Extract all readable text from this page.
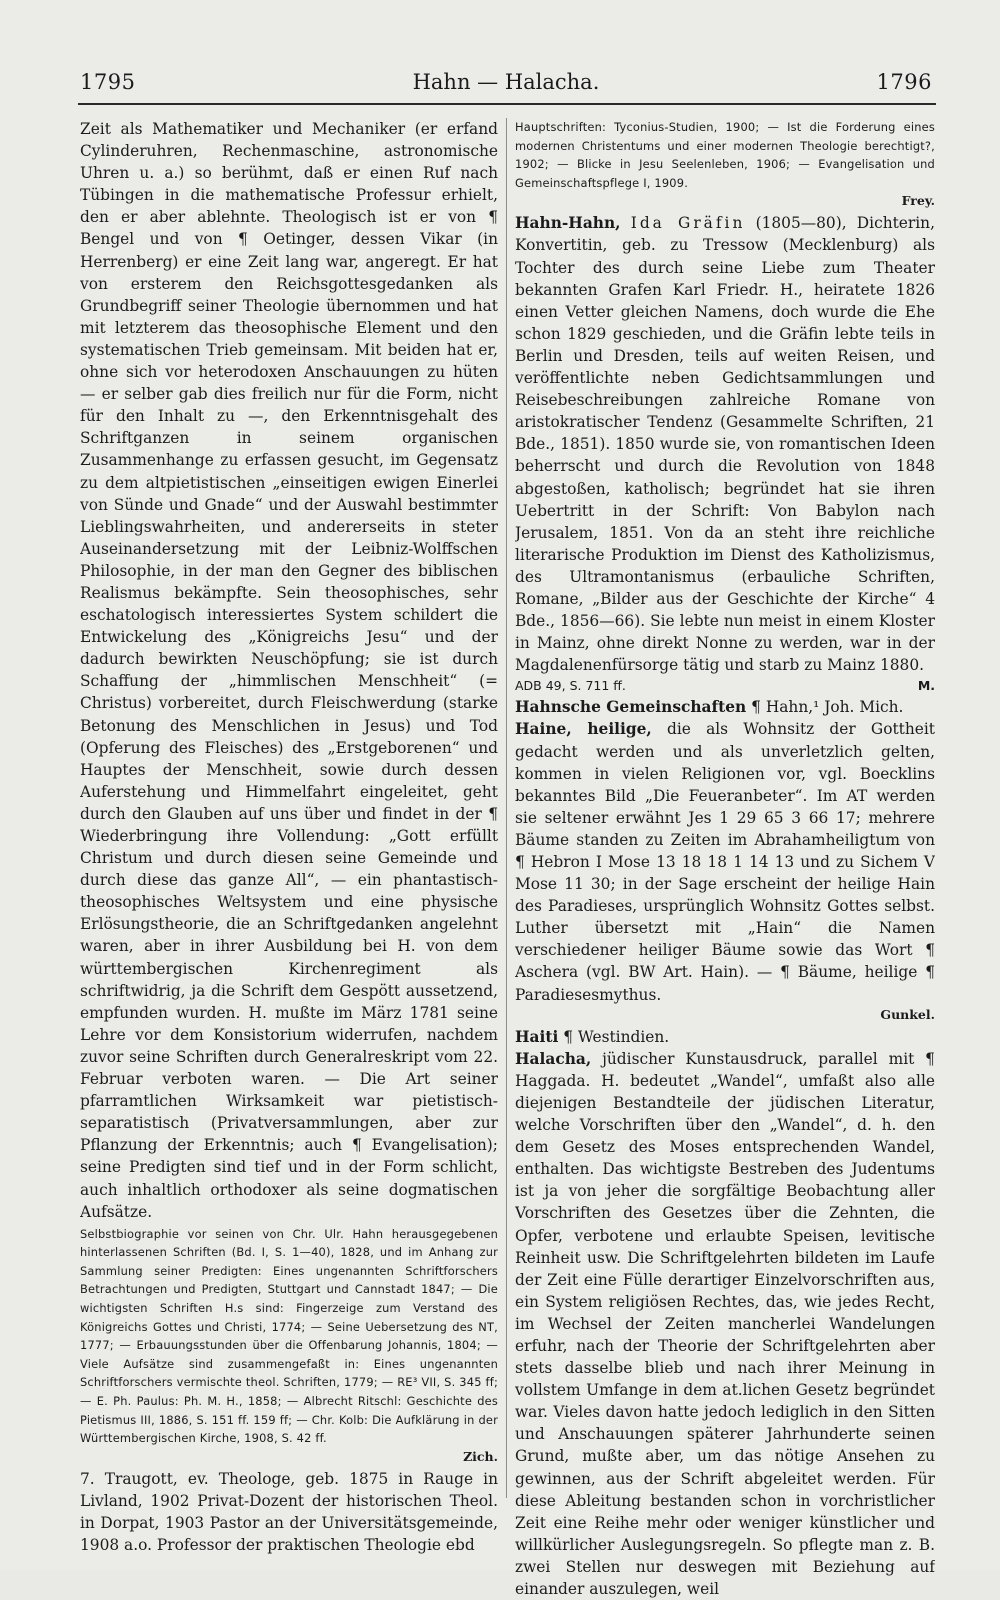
1795	Hahn — Halacha.	1796

Zeit als Mathematiker und Mechaniker (er erfand Cylinderuhren, Rechenmaschine, astronomische Uhren u. a.) so berühmt, daß er einen Ruf nach Tübingen in die mathematische Professur erhielt, den er aber ablehnte. Theologisch ist er von ¶ Bengel und von ¶ Oetinger, dessen Vikar (in Herrenberg) er eine Zeit lang war, angeregt. Er hat von ersterem den Reichsgottesgedanken als Grundbegriff seiner Theologie übernommen und hat mit letzterem das theosophische Element und den systematischen Trieb gemeinsam. Mit beiden hat er, ohne sich vor heterodoxen Anschauungen zu hüten — er selber gab dies freilich nur für die Form, nicht für den Inhalt zu —, den Erkenntnisgehalt des Schriftganzen in seinem organischen Zusammenhange zu erfassen gesucht, im Gegensatz zu dem altpietistischen „einseitigen ewigen Einerlei von Sünde und Gnade“ und der Auswahl bestimmter Lieblingswahrheiten, und andererseits in steter Auseinandersetzung mit der Leibniz-Wolffschen Philosophie, in der man den Gegner des biblischen Realismus bekämpfte. Sein theosophisches, sehr eschatologisch interessiertes System schildert die Entwickelung des „Königreichs Jesu“ und der dadurch bewirkten Neuschöpfung; sie ist durch Schaffung der „himmlischen Menschheit“ (= Christus) vorbereitet, durch Fleischwerdung (starke Betonung des Menschlichen in Jesus) und Tod (Opferung des Fleisches) des „Erstgeborenen“ und Hauptes der Menschheit, sowie durch dessen Auferstehung und Himmelfahrt eingeleitet, geht durch den Glauben auf uns über und findet in der ¶ Wiederbringung ihre Vollendung: „Gott erfüllt Christum und durch diesen seine Gemeinde und durch diese das ganze All“, — ein phantastisch-theosophisches Weltsystem und eine physische Erlösungstheorie, die an Schriftgedanken angelehnt waren, aber in ihrer Ausbildung bei H. von dem württembergischen Kirchenregiment als schriftwidrig, ja die Schrift dem Gespött aussetzend, empfunden wurden. H. mußte im März 1781 seine Lehre vor dem Konsistorium widerrufen, nachdem zuvor seine Schriften durch Generalreskript vom 22. Februar verboten waren. — Die Art seiner pfarramtlichen Wirksamkeit war pietistisch-separatistisch (Privatversammlungen, aber zur Pflanzung der Erkenntnis; auch ¶ Evangelisation); seine Predigten sind tief und in der Form schlicht, auch inhaltlich orthodoxer als seine dogmatischen Aufsätze.

Selbstbiographie vor seinen von Chr. Ulr. Hahn herausgegebenen hinterlassenen Schriften (Bd. I, S. 1—40), 1828, und im Anhang zur Sammlung seiner Predigten: Eines ungenannten Schriftforschers Betrachtungen und Predigten, Stuttgart und Cannstadt 1847; — Die wichtigsten Schriften H.s sind: Fingerzeige zum Verstand des Königreichs Gottes und Christi, 1774; — Seine Uebersetzung des NT, 1777; — Erbauungsstunden über die Offenbarung Johannis, 1804; — Viele Aufsätze sind zusammengefaßt in: Eines ungenannten Schriftforschers vermischte theol. Schriften, 1779; — RE³ VII, S. 345 ff; — E. Ph. Paulus: Ph. M. H., 1858; — Albrecht Ritschl: Geschichte des Pietismus III, 1886, S. 151 ff. 159 ff; — Chr. Kolb: Die Aufklärung in der Württembergischen Kirche, 1908, S. 42 ff.

Zich.

7. Traugott, ev. Theologe, geb. 1875 in Rauge in Livland, 1902 Privat-Dozent der historischen Theol. in Dorpat, 1903 Pastor an der Universitätsgemeinde, 1908 a.o. Professor der praktischen Theologie ebd

Hauptschriften: Tyconius-Studien, 1900; — Ist die Forderung eines modernen Christentums und einer modernen Theologie berechtigt?, 1902; — Blicke in Jesu Seelenleben, 1906; — Evangelisation und Gemeinschaftspflege I, 1909.

Frey.

Hahn-Hahn, Ida Gräfin (1805—80), Dichterin, Konvertitin, geb. zu Tressow (Mecklenburg) als Tochter des durch seine Liebe zum Theater bekannten Grafen Karl Friedr. H., heiratete 1826 einen Vetter gleichen Namens, doch wurde die Ehe schon 1829 geschieden, und die Gräfin lebte teils in Berlin und Dresden, teils auf weiten Reisen, und veröffentlichte neben Gedichtsammlungen und Reisebeschreibungen zahlreiche Romane von aristokratischer Tendenz (Gesammelte Schriften, 21 Bde., 1851). 1850 wurde sie, von romantischen Ideen beherrscht und durch die Revolution von 1848 abgestoßen, katholisch; begründet hat sie ihren Uebertritt in der Schrift: Von Babylon nach Jerusalem, 1851. Von da an steht ihre reichliche literarische Produktion im Dienst des Katholizismus, des Ultramontanismus (erbauliche Schriften, Romane, „Bilder aus der Geschichte der Kirche“ 4 Bde., 1856—66). Sie lebte nun meist in einem Kloster in Mainz, ohne direkt Nonne zu werden, war in der Magdalenenfürsorge tätig und starb zu Mainz 1880.

ADB 49, S. 711 ff.	M.

Hahnsche Gemeinschaften ¶ Hahn,¹ Joh. Mich.

Haine, heilige, die als Wohnsitz der Gottheit gedacht werden und als unverletzlich gelten, kommen in vielen Religionen vor, vgl. Boecklins bekanntes Bild „Die Feueranbeter“. Im AT werden sie seltener erwähnt Jes 1 29 65 3 66 17; mehrere Bäume standen zu Zeiten im Abrahamheiligtum von ¶ Hebron I Mose 13 18 18 1 14 13 und zu Sichem V Mose 11 30; in der Sage erscheint der heilige Hain des Paradieses, ursprünglich Wohnsitz Gottes selbst. Luther übersetzt mit „Hain“ die Namen verschiedener heiliger Bäume sowie das Wort ¶ Aschera (vgl. BW Art. Hain). — ¶ Bäume, heilige ¶ Paradiesesmythus.

Gunkel.

Haiti ¶ Westindien.

Halacha, jüdischer Kunstausdruck, parallel mit ¶ Haggada. H. bedeutet „Wandel“, umfaßt also alle diejenigen Bestandteile der jüdischen Literatur, welche Vorschriften über den „Wandel“, d. h. den dem Gesetz des Moses entsprechenden Wandel, enthalten. Das wichtigste Bestreben des Judentums ist ja von jeher die sorgfältige Beobachtung aller Vorschriften des Gesetzes über die Zehnten, die Opfer, verbotene und erlaubte Speisen, levitische Reinheit usw. Die Schriftgelehrten bildeten im Laufe der Zeit eine Fülle derartiger Einzelvorschriften aus, ein System religiösen Rechtes, das, wie jedes Recht, im Wechsel der Zeiten mancherlei Wandelungen erfuhr, nach der Theorie der Schriftgelehrten aber stets dasselbe blieb und nach ihrer Meinung in vollstem Umfange in dem at.lichen Gesetz begründet war. Vieles davon hatte jedoch lediglich in den Sitten und Anschauungen späterer Jahrhunderte seinen Grund, mußte aber, um das nötige Ansehen zu gewinnen, aus der Schrift abgeleitet werden. Für diese Ableitung bestanden schon in vorchristlicher Zeit eine Reihe mehr oder weniger künstlicher und willkürlicher Auslegungsregeln. So pflegte man z. B. zwei Stellen nur deswegen mit Beziehung auf einander auszulegen, weil
